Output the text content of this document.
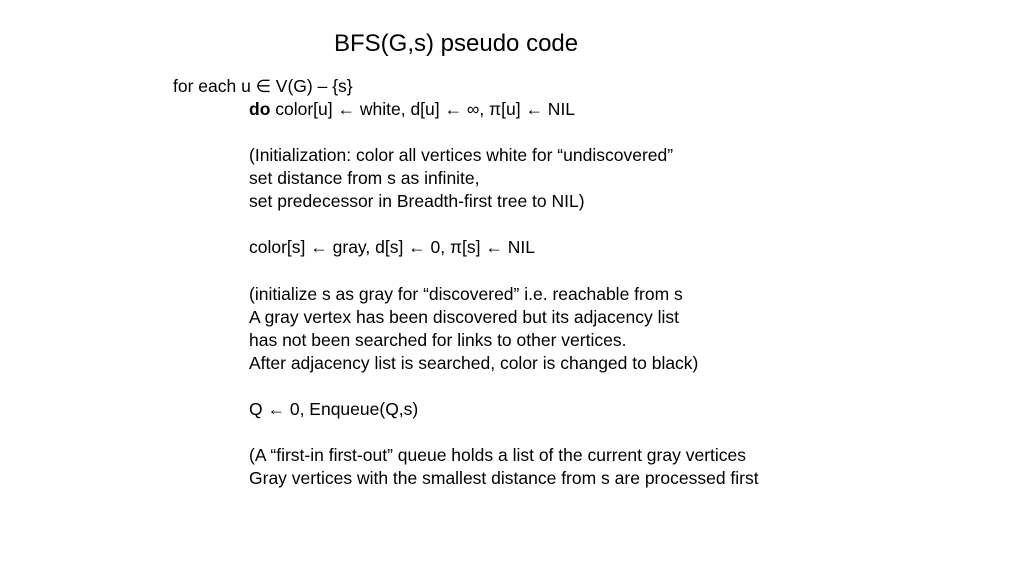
BFS(G,s) pseudo code
for each u ∈ V(G) – {s}
do color[u] ← white, d[u] ← ∞, π[u] ← NIL
(Initialization: color all vertices white for “undiscovered”
set distance from s as infinite,
set predecessor in Breadth-first tree to NIL)
color[s] ← gray, d[s] ← 0, π[s] ← NIL
(initialize s as gray for “discovered” i.e. reachable from s
A gray vertex has been discovered but its adjacency list
has not been searched for links to other vertices.
After adjacency list is searched, color is changed to black)
Q ← 0, Enqueue(Q,s)
(A “first-in first-out” queue holds a list of the current gray vertices
Gray vertices with the smallest distance from s are processed first
